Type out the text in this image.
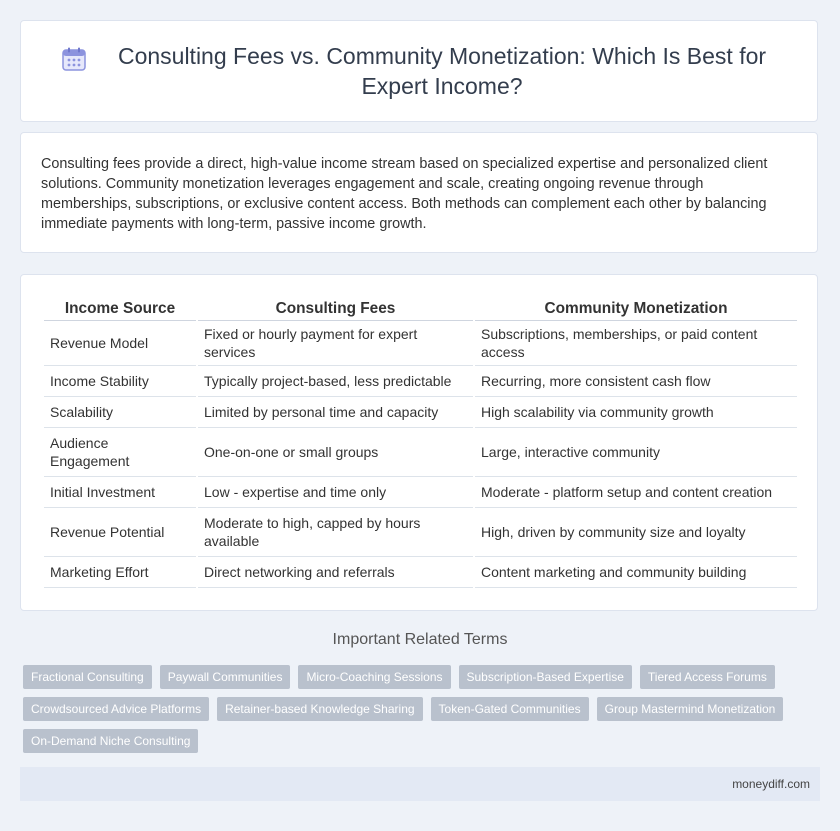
Consulting Fees vs. Community Monetization: Which Is Best for Expert Income?

Consulting fees provide a direct, high-value income stream based on specialized expertise and personalized client solutions. Community monetization leverages engagement and scale, creating ongoing revenue through memberships, subscriptions, or exclusive content access. Both methods can complement each other by balancing immediate payments with long-term, passive income growth.

Income Source	Consulting Fees	Community Monetization
Revenue Model	Fixed or hourly payment for expert services	Subscriptions, memberships, or paid content access
Income Stability	Typically project-based, less predictable	Recurring, more consistent cash flow
Scalability	Limited by personal time and capacity	High scalability via community growth
Audience Engagement	One-on-one or small groups	Large, interactive community
Initial Investment	Low - expertise and time only	Moderate - platform setup and content creation
Revenue Potential	Moderate to high, capped by hours available	High, driven by community size and loyalty
Marketing Effort	Direct networking and referrals	Content marketing and community building
Important Related Terms
Fractional Consulting	Paywall Communities	Micro-Coaching Sessions	Subscription-Based Expertise	Tiered Access Forums
Crowdsourced Advice Platforms	Retainer-based Knowledge Sharing	Token-Gated Communities	Group Mastermind Monetization
On-Demand Niche Consulting
moneydiff.com
